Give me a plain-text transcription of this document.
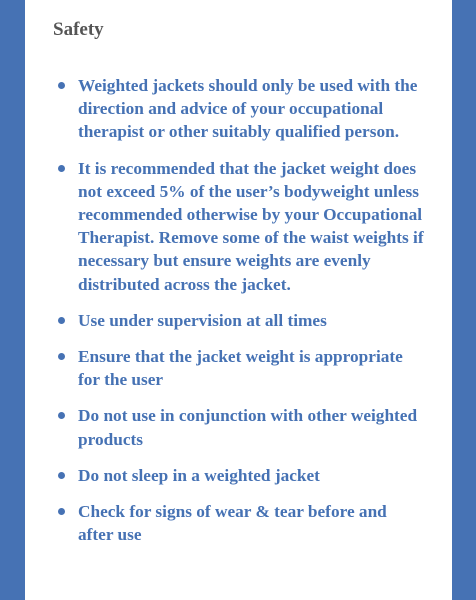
Safety
Weighted jackets should only be used with the direction and advice of your occupational therapist or other suitably qualified person.
It is recommended that the jacket weight does not exceed 5% of the user’s bodyweight unless recommended otherwise by your Occupational Therapist. Remove some of the waist weights if necessary but ensure weights are evenly distributed across the jacket.
Use under supervision at all times
Ensure that the jacket weight is appropriate for the user
Do not use in conjunction with other weighted products
Do not sleep in a weighted jacket
Check for signs of wear & tear before and after use
